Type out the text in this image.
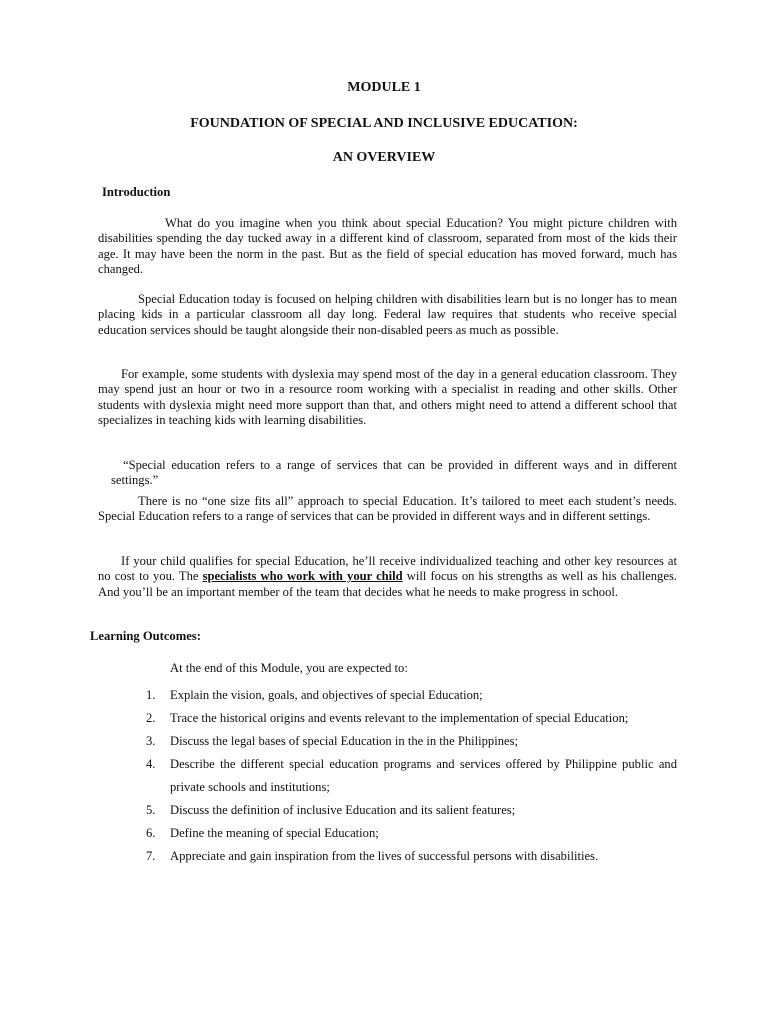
MODULE 1
FOUNDATION OF SPECIAL AND INCLUSIVE EDUCATION:
AN OVERVIEW
Introduction

What do you imagine when you think about special Education? You might picture children with disabilities spending the day tucked away in a different kind of classroom, separated from most of the kids their age. It may have been the norm in the past. But as the field of special education has moved forward, much has changed.

Special Education today is focused on helping children with disabilities learn but is no longer has to mean placing kids in a particular classroom all day long. Federal law requires that students who receive special education services should be taught alongside their non-disabled peers as much as possible.

For example, some students with dyslexia may spend most of the day in a general education classroom. They may spend just an hour or two in a resource room working with a specialist in reading and other skills. Other students with dyslexia might need more support than that, and others might need to attend a different school that specializes in teaching kids with learning disabilities.

“Special education refers to a range of services that can be provided in different ways and in different settings.”

There is no “one size fits all” approach to special Education. It’s tailored to meet each student’s needs. Special Education refers to a range of services that can be provided in different ways and in different settings.

If your child qualifies for special Education, he’ll receive individualized teaching and other key resources at no cost to you. The specialists who work with your child will focus on his strengths as well as his challenges. And you’ll be an important member of the team that decides what he needs to make progress in school.

Learning Outcomes:
At the end of this Module, you are expected to:
1. Explain the vision, goals, and objectives of special Education;
2. Trace the historical origins and events relevant to the implementation of special Education;
3. Discuss the legal bases of special Education in the in the Philippines;
4. Describe the different special education programs and services offered by Philippine public and private schools and institutions;
5. Discuss the definition of inclusive Education and its salient features;
6. Define the meaning of special Education;
7. Appreciate and gain inspiration from the lives of successful persons with disabilities.
